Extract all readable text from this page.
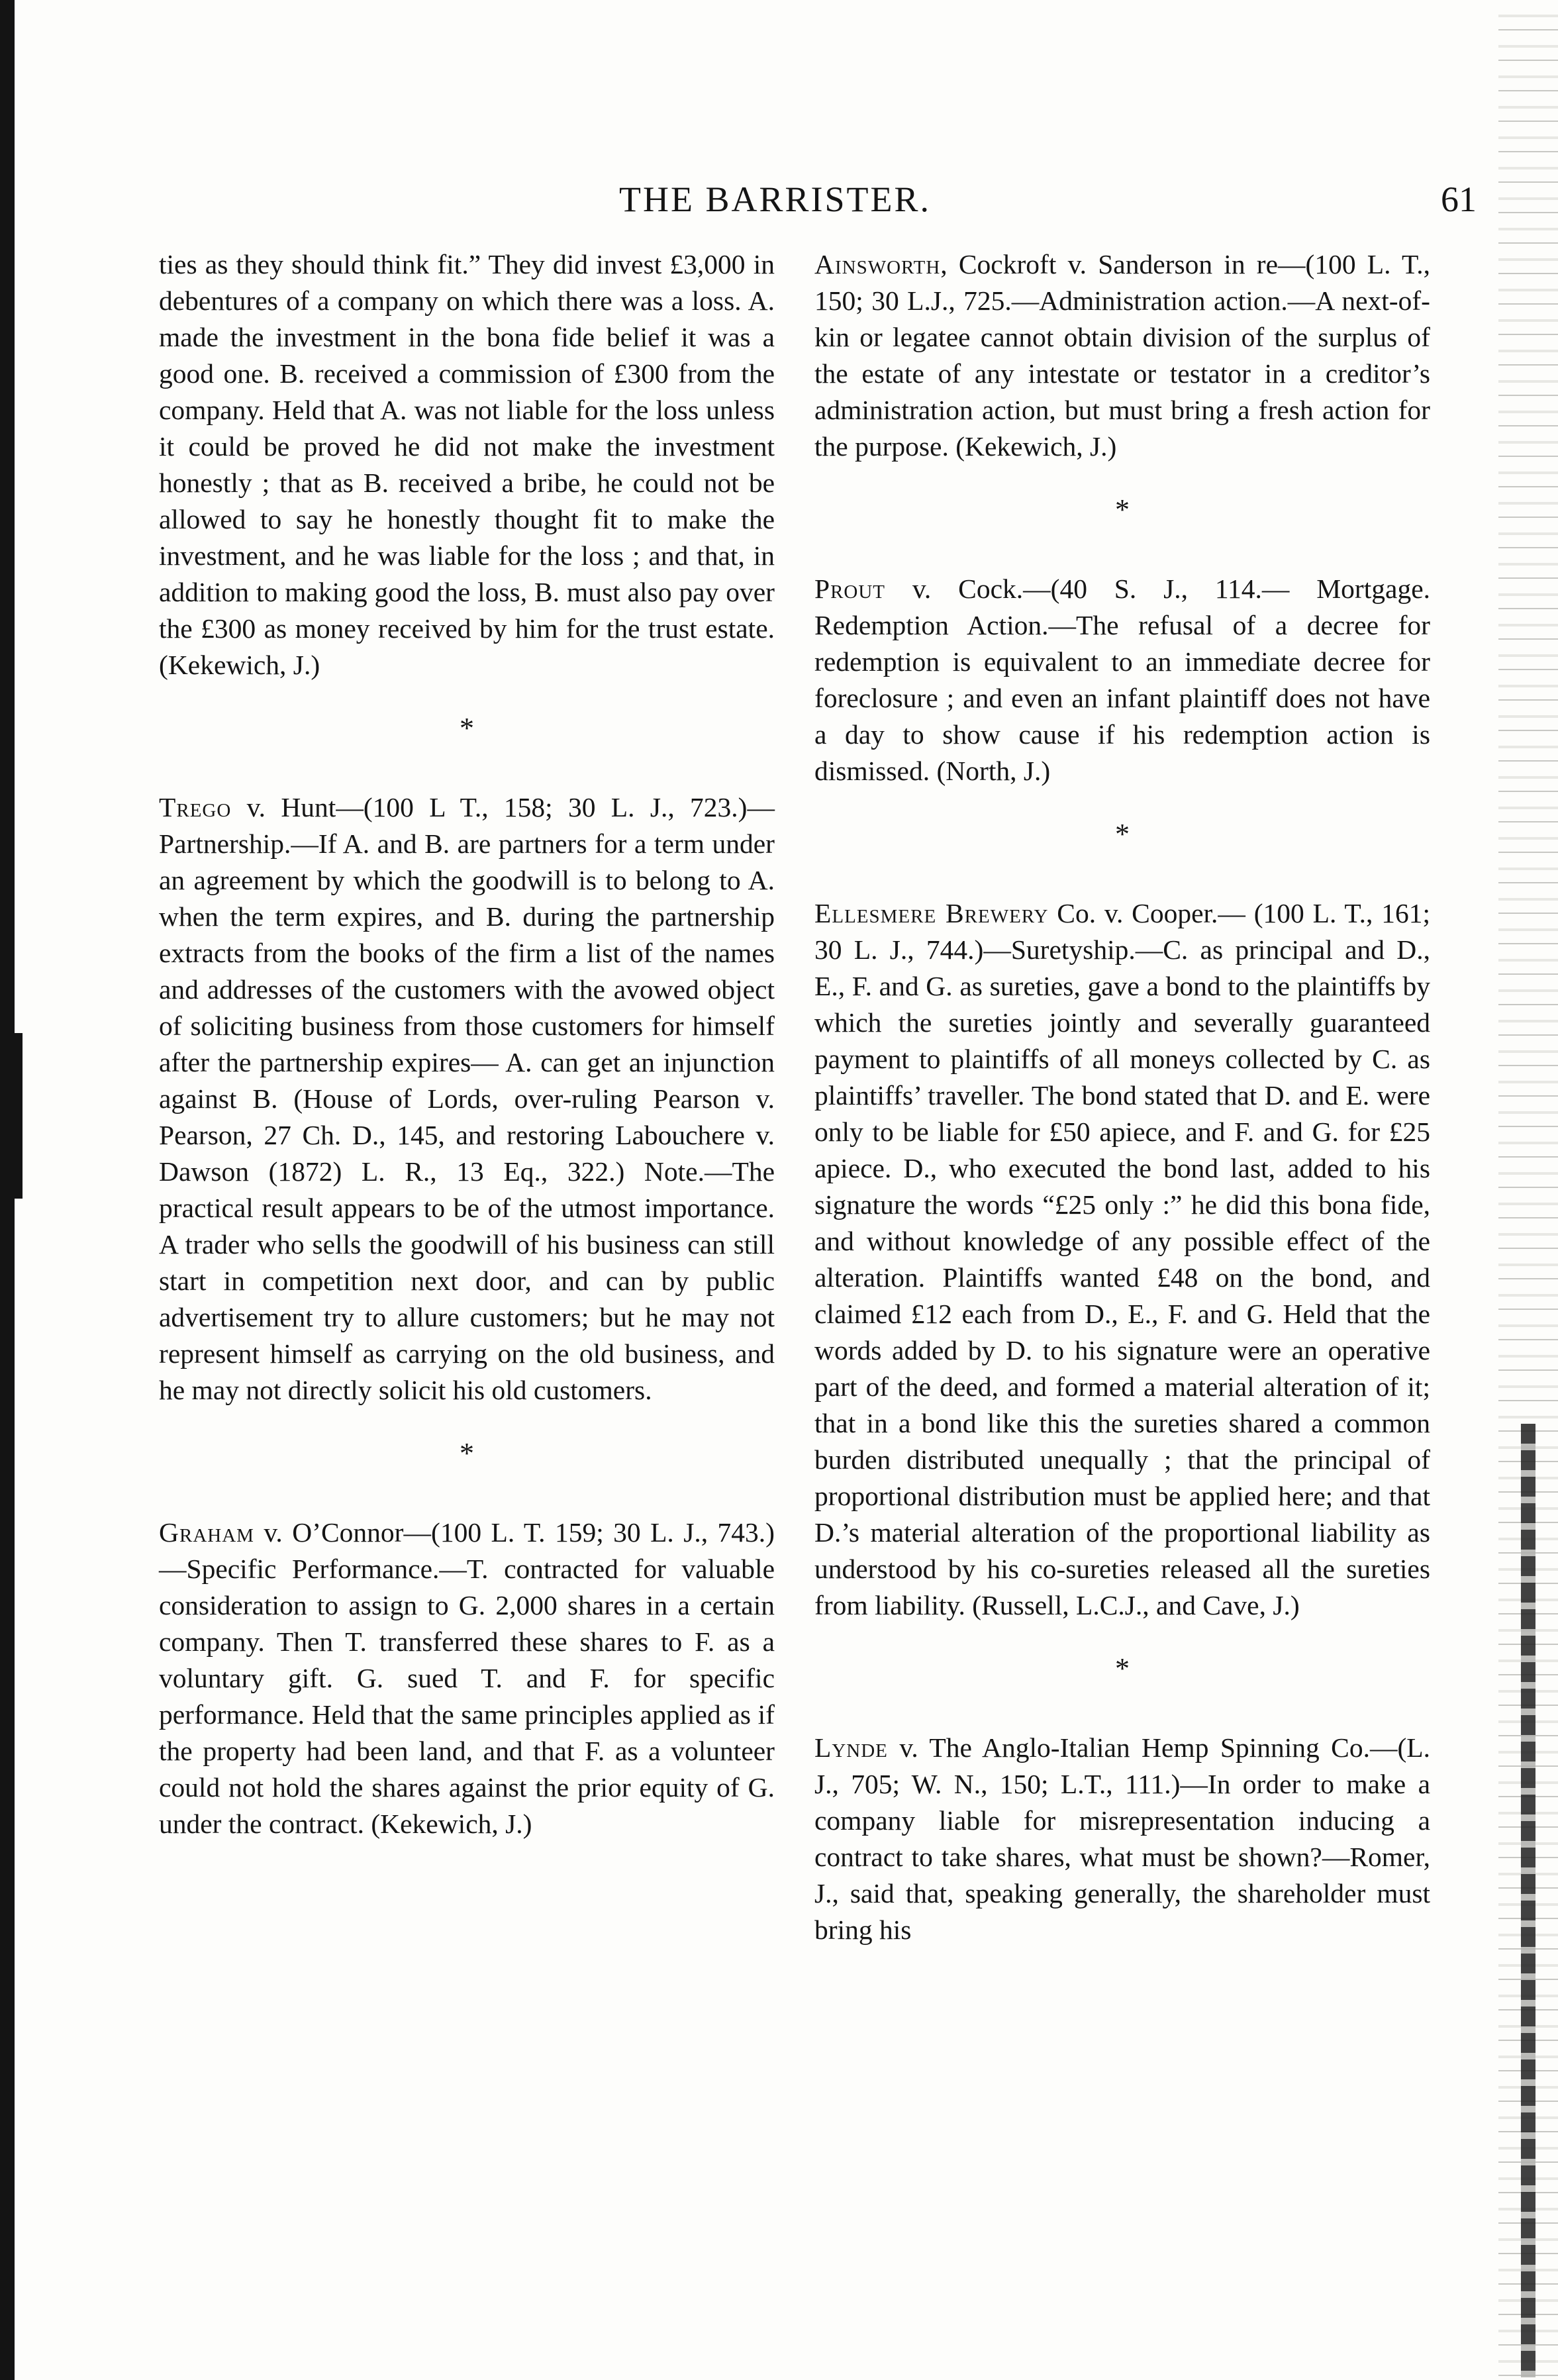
THE BARRISTER.	61

ties as they should think fit.” They did invest £3,000 in debentures of a company on which there was a loss. A. made the investment in the bona fide belief it was a good one. B. received a commission of £300 from the company. Held that A. was not liable for the loss unless it could be proved he did not make the investment honestly ; that as B. received a bribe, he could not be allowed to say he honestly thought fit to make the investment, and he was liable for the loss ; and that, in addition to making good the loss, B. must also pay over the £300 as money received by him for the trust estate. (Kekewich, J.)

*

Trego v. Hunt—(100 L T., 158; 30 L. J., 723.)—Partnership.—If A. and B. are partners for a term under an agreement by which the goodwill is to belong to A. when the term expires, and B. during the partnership extracts from the books of the firm a list of the names and addresses of the customers with the avowed object of soliciting business from those customers for himself after the partnership expires— A. can get an injunction against B. (House of Lords, over-ruling Pearson v. Pearson, 27 Ch. D., 145, and restoring Labouchere v. Dawson (1872) L. R., 13 Eq., 322.) Note.—The practical result appears to be of the utmost importance. A trader who sells the goodwill of his business can still start in competition next door, and can by public advertisement try to allure customers; but he may not represent himself as carrying on the old business, and he may not directly solicit his old customers.

*

Graham v. O’Connor—(100 L. T. 159; 30 L. J., 743.)—Specific Performance.—T. contracted for valuable consideration to assign to G. 2,000 shares in a certain company. Then T. transferred these shares to F. as a voluntary gift. G. sued T. and F. for specific performance. Held that the same principles applied as if the property had been land, and that F. as a volunteer could not hold the shares against the prior equity of G. under the contract. (Kekewich, J.)

Ainsworth, Cockroft v. Sanderson in re—(100 L. T., 150; 30 L.J., 725.—Administration action.—A next-of-kin or legatee cannot obtain division of the surplus of the estate of any intestate or testator in a creditor’s administration action, but must bring a fresh action for the purpose. (Kekewich, J.)

*

Prout v. Cock.—(40 S. J., 114.— Mortgage. Redemption Action.—The refusal of a decree for redemption is equivalent to an immediate decree for foreclosure ; and even an infant plaintiff does not have a day to show cause if his redemption action is dismissed. (North, J.)

*

Ellesmere Brewery Co. v. Cooper.— (100 L. T., 161; 30 L. J., 744.)—Suretyship.—C. as principal and D., E., F. and G. as sureties, gave a bond to the plaintiffs by which the sureties jointly and severally guaranteed payment to plaintiffs of all moneys collected by C. as plaintiffs’ traveller. The bond stated that D. and E. were only to be liable for £50 apiece, and F. and G. for £25 apiece. D., who executed the bond last, added to his signature the words “£25 only :” he did this bona fide, and without knowledge of any possible effect of the alteration. Plaintiffs wanted £48 on the bond, and claimed £12 each from D., E., F. and G. Held that the words added by D. to his signature were an operative part of the deed, and formed a material alteration of it; that in a bond like this the sureties shared a common burden distributed unequally ; that the principal of proportional distribution must be applied here; and that D.’s material alteration of the proportional liability as understood by his co-sureties released all the sureties from liability. (Russell, L.C.J., and Cave, J.)

*

Lynde v. The Anglo-Italian Hemp Spinning Co.—(L. J., 705; W. N., 150; L.T., 111.)—In order to make a company liable for misrepresentation inducing a contract to take shares, what must be shown?—Romer, J., said that, speaking generally, the shareholder must bring his
